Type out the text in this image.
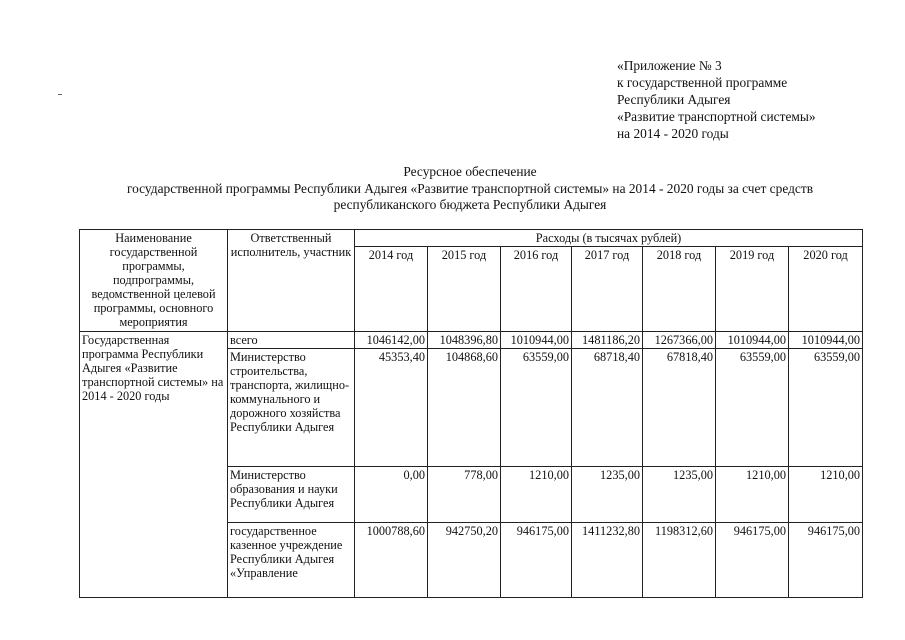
«Приложение № 3
к государственной программе
Республики Адыгея
«Развитие транспортной системы»
на 2014 - 2020 годы
Ресурсное обеспечение
государственной программы Республики Адыгея «Развитие транспортной системы» на 2014 - 2020 годы за счет средств
республиканского бюджета Республики Адыгея
Наименование государственной программы, подпрограммы, ведомственной целевой программы, основного мероприятия	Ответственный исполнитель, участник	Расходы (в тысячах рублей)						
		2014 год	2015 год	2016 год	2017 год	2018 год	2019 год	2020 год
Государственная программа Республики Адыгея «Развитие транспортной системы» на 2014 - 2020 годы	всего	1046142,00	1048396,80	1010944,00	1481186,20	1267366,00	1010944,00	1010944,00
	Министерство строительства, транспорта, жилищно-коммунального и дорожного хозяйства Республики Адыгея	45353,40	104868,60	63559,00	68718,40	67818,40	63559,00	63559,00
	Министерство образования и науки Республики Адыгея	0,00	778,00	1210,00	1235,00	1235,00	1210,00	1210,00
	государственное казенное учреждение Республики Адыгея «Управление	1000788,60	942750,20	946175,00	1411232,80	1198312,60	946175,00	946175,00
